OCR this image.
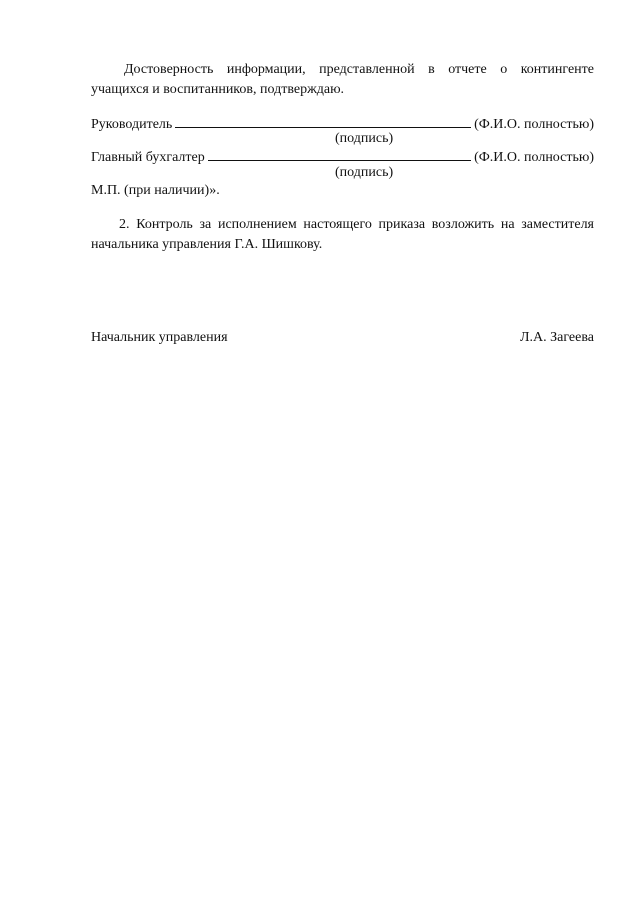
Достоверность информации, представленной в отчете о контингенте учащихся и воспитанников, подтверждаю.

Руководитель	(Ф.И.О. полностью)
(подпись)
Главный бухгалтер	(Ф.И.О. полностью)
(подпись)
М.П. (при наличии)».

2. Контроль за исполнением настоящего приказа возложить на заместителя начальника управления Г.А. Шишкову.

Начальник управления	Л.А. Загеева
